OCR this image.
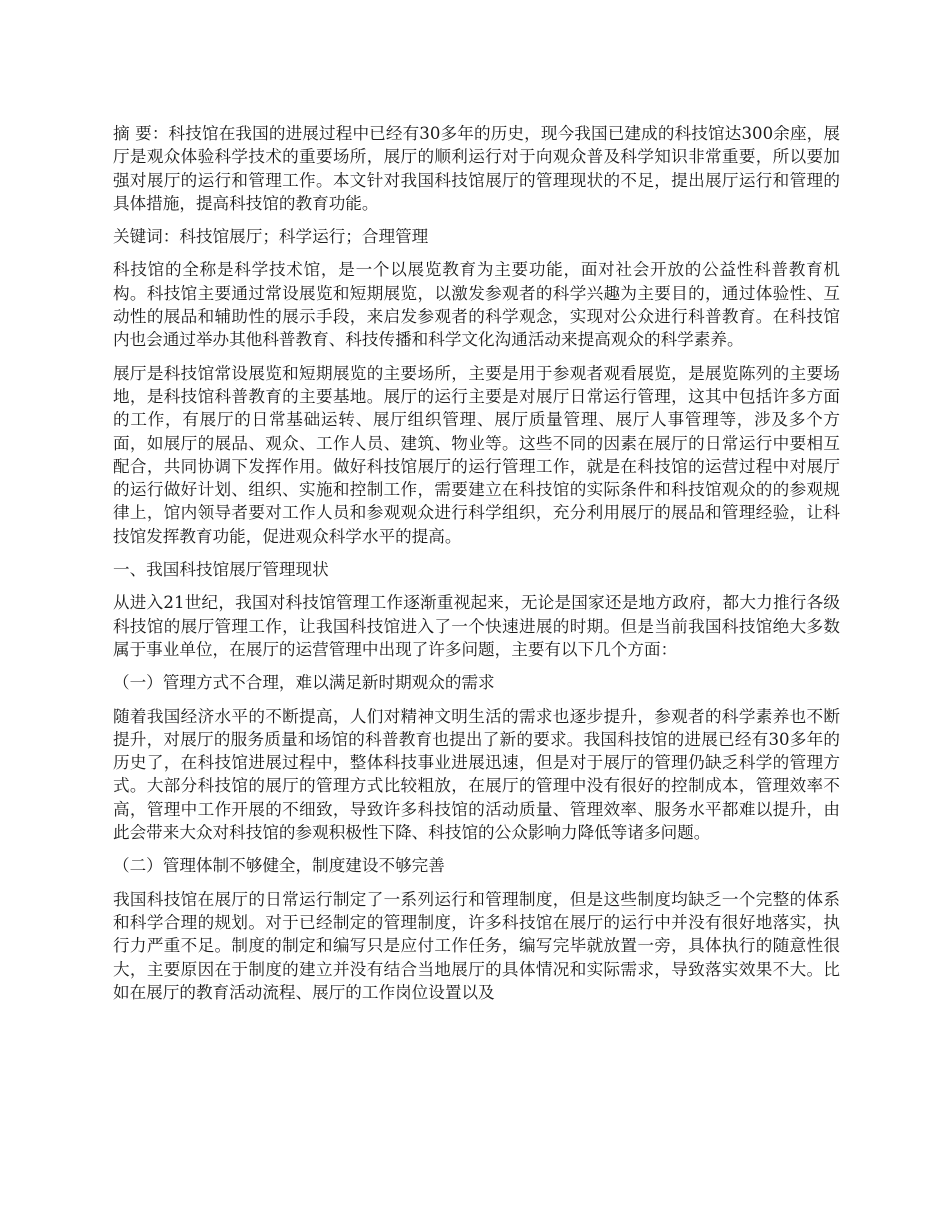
摘 要：科技馆在我国的进展过程中已经有30多年的历史，现今我国已建成的科技馆达300余座，展厅是观众体验科学技术的重要场所，展厅的顺利运行对于向观众普及科学知识非常重要，所以要加强对展厅的运行和管理工作。本文针对我国科技馆展厅的管理现状的不足，提出展厅运行和管理的具体措施，提高科技馆的教育功能。

关键词：科技馆展厅；科学运行；合理管理

科技馆的全称是科学技术馆，是一个以展览教育为主要功能，面对社会开放的公益性科普教育机构。科技馆主要通过常设展览和短期展览，以激发参观者的科学兴趣为主要目的，通过体验性、互动性的展品和辅助性的展示手段，来启发参观者的科学观念，实现对公众进行科普教育。在科技馆内也会通过举办其他科普教育、科技传播和科学文化沟通活动来提高观众的科学素养。

展厅是科技馆常设展览和短期展览的主要场所，主要是用于参观者观看展览，是展览陈列的主要场地，是科技馆科普教育的主要基地。展厅的运行主要是对展厅日常运行管理，这其中包括许多方面的工作，有展厅的日常基础运转、展厅组织管理、展厅质量管理、展厅人事管理等，涉及多个方面，如展厅的展品、观众、工作人员、建筑、物业等。这些不同的因素在展厅的日常运行中要相互配合，共同协调下发挥作用。做好科技馆展厅的运行管理工作，就是在科技馆的运营过程中对展厅的运行做好计划、组织、实施和控制工作，需要建立在科技馆的实际条件和科技馆观众的的参观规律上，馆内领导者要对工作人员和参观观众进行科学组织，充分利用展厅的展品和管理经验，让科技馆发挥教育功能，促进观众科学水平的提高。

一、我国科技馆展厅管理现状

从进入21世纪，我国对科技馆管理工作逐渐重视起来，无论是国家还是地方政府，都大力推行各级科技馆的展厅管理工作，让我国科技馆进入了一个快速进展的时期。但是当前我国科技馆绝大多数属于事业单位，在展厅的运营管理中出现了许多问题，主要有以下几个方面：

（一）管理方式不合理，难以满足新时期观众的需求

随着我国经济水平的不断提高，人们对精神文明生活的需求也逐步提升，参观者的科学素养也不断提升，对展厅的服务质量和场馆的科普教育也提出了新的要求。我国科技馆的进展已经有30多年的历史了，在科技馆进展过程中，整体科技事业进展迅速，但是对于展厅的管理仍缺乏科学的管理方式。大部分科技馆的展厅的管理方式比较粗放，在展厅的管理中没有很好的控制成本，管理效率不高，管理中工作开展的不细致，导致许多科技馆的活动质量、管理效率、服务水平都难以提升，由此会带来大众对科技馆的参观积极性下降、科技馆的公众影响力降低等诸多问题。

（二）管理体制不够健全，制度建设不够完善

我国科技馆在展厅的日常运行制定了一系列运行和管理制度，但是这些制度均缺乏一个完整的体系和科学合理的规划。对于已经制定的管理制度，许多科技馆在展厅的运行中并没有很好地落实，执行力严重不足。制度的制定和编写只是应付工作任务，编写完毕就放置一旁，具体执行的随意性很大，主要原因在于制度的建立并没有结合当地展厅的具体情况和实际需求，导致落实效果不大。比如在展厅的教育活动流程、展厅的工作岗位设置以及
